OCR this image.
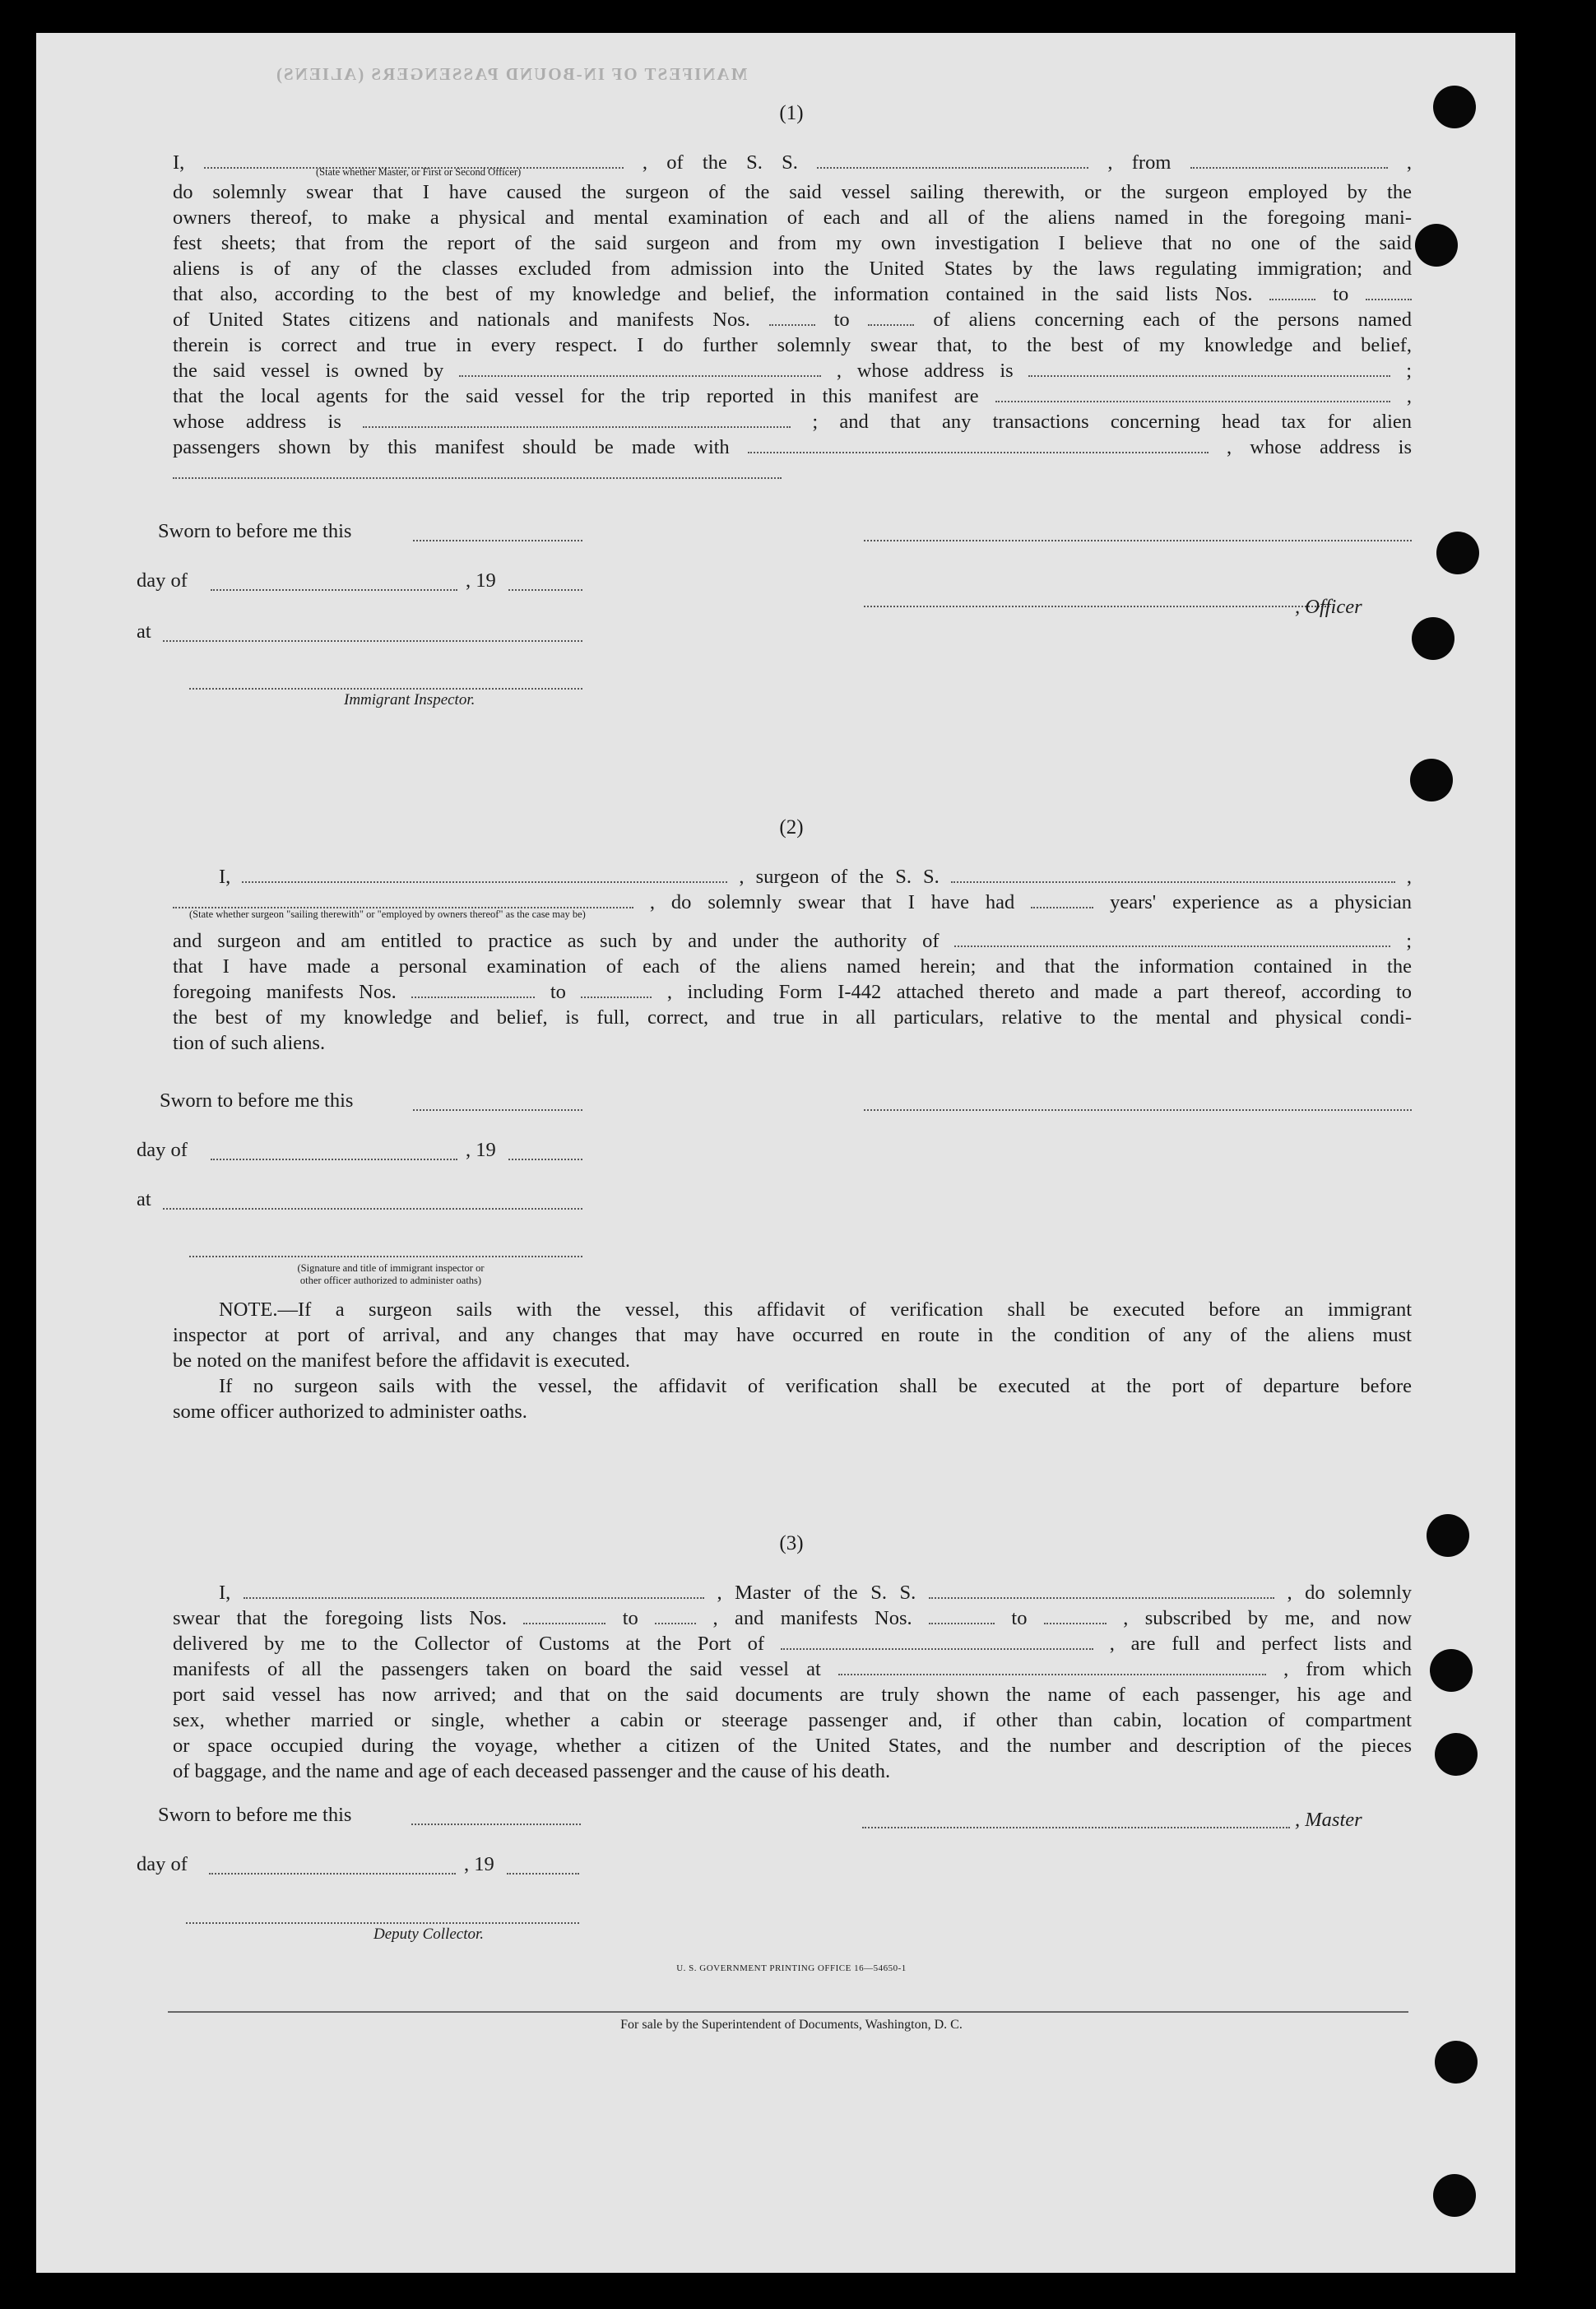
MANIFEST OF IN-BOUND PASSENGERS (ALIENS)
(1)
I,	, of the S. S.	, from	,
(State whether Master, or First or Second Officer)
do solemnly swear that I have caused the surgeon of the said vessel sailing therewith, or the surgeon employed by the
owners thereof, to make a physical and mental examination of each and all of the aliens named in the foregoing mani-
fest sheets; that from the report of the said surgeon and from my own investigation I believe that no one of the said
aliens is of any of the classes excluded from admission into the United States by the laws regulating immigration; and
that also, according to the best of my knowledge and belief, the information contained in the said lists Nos.	to
of United States citizens and nationals and manifests Nos.	to	of aliens concerning each of the persons named
therein is correct and true in every respect. I do further solemnly swear that, to the best of my knowledge and belief,
the said vessel is owned by	, whose address is	;
that the local agents for the said vessel for the trip reported in this manifest are	,
whose address is	; and that any transactions concerning head tax for alien
passengers shown by this manifest should be made with	, whose address is
Sworn to before me this
day of	, 19
, Officer
at
Immigrant Inspector.
(2)
I,	, surgeon of the S. S.	,
, do solemnly swear that I have had	years' experience as a physician
(State whether surgeon "sailing therewith" or "employed by owners thereof" as the case may be)
and surgeon and am entitled to practice as such by and under the authority of	;
that I have made a personal examination of each of the aliens named herein; and that the information contained in the
foregoing manifests Nos.	to	, including Form I-442 attached thereto and made a part thereof, according to
the best of my knowledge and belief, is full, correct, and true in all particulars, relative to the mental and physical condi-
tion of such aliens.
Sworn to before me this
day of	, 19
at
(Signature and title of immigrant inspector or
other officer authorized to administer oaths)
NOTE.—If a surgeon sails with the vessel, this affidavit of verification shall be executed before an immigrant
inspector at port of arrival, and any changes that may have occurred en route in the condition of any of the aliens must
be noted on the manifest before the affidavit is executed.
If no surgeon sails with the vessel, the affidavit of verification shall be executed at the port of departure before
some officer authorized to administer oaths.
(3)
I,	, Master of the S. S.	, do solemnly
swear that the foregoing lists Nos.	to	, and manifests Nos.	to	, subscribed by me, and now
delivered by me to the Collector of Customs at the Port of	, are full and perfect lists and
manifests of all the passengers taken on board the said vessel at	, from which
port said vessel has now arrived; and that on the said documents are truly shown the name of each passenger, his age and
sex, whether married or single, whether a cabin or steerage passenger and, if other than cabin, location of compartment
or space occupied during the voyage, whether a citizen of the United States, and the number and description of the pieces
of baggage, and the name and age of each deceased passenger and the cause of his death.
Sworn to before me this	, Master
day of	, 19
Deputy Collector.
U. S. GOVERNMENT PRINTING OFFICE 16—54650-1
For sale by the Superintendent of Documents, Washington, D. C.
